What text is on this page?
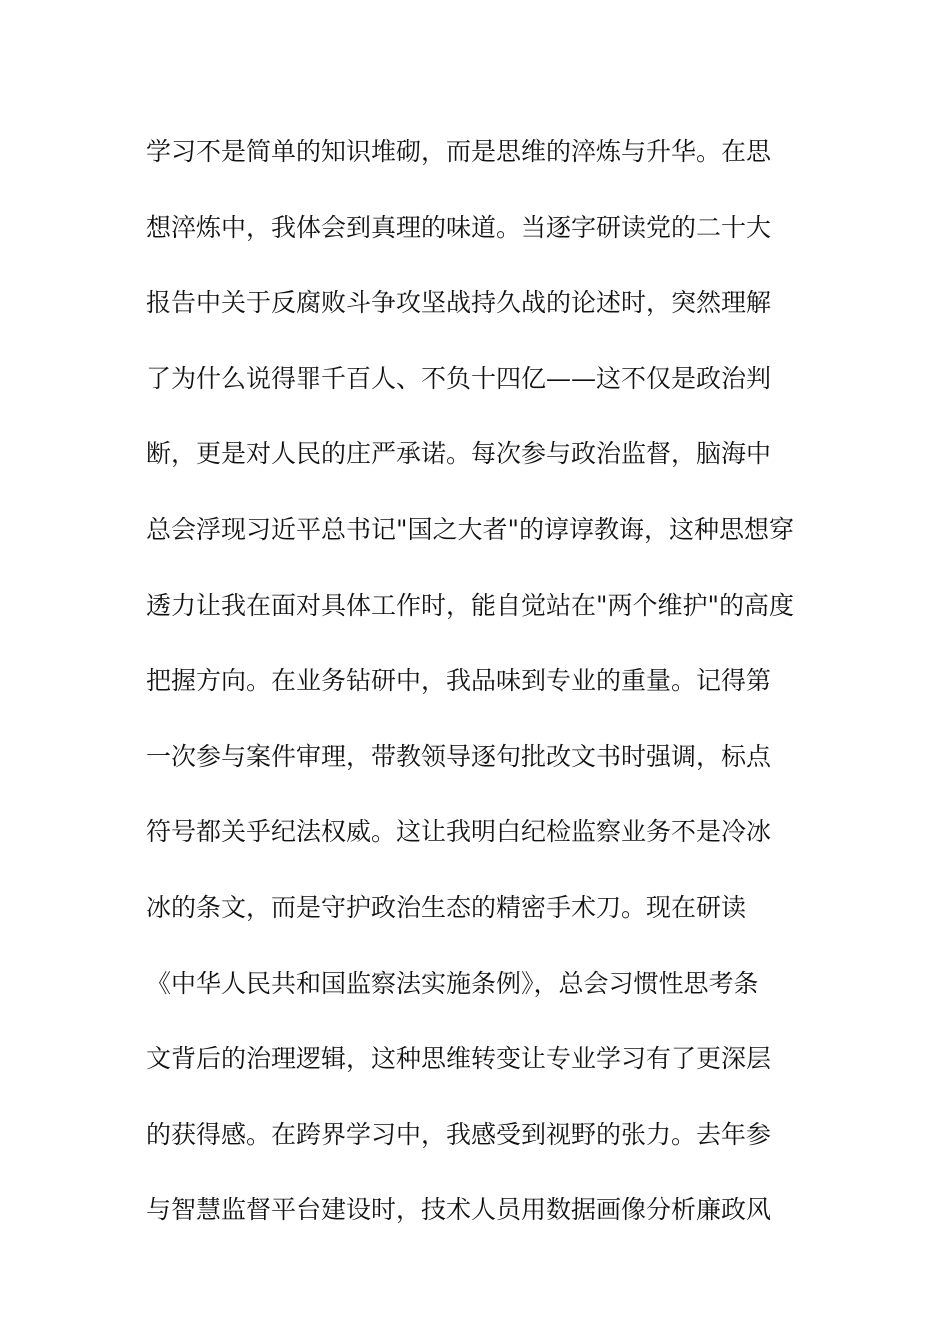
学习不是简单的知识堆砌，而是思维的淬炼与升华。在思
想淬炼中，我体会到真理的味道。当逐字研读党的二十大
报告中关于反腐败斗争攻坚战持久战的论述时，突然理解
了为什么说得罪千百人、不负十四亿——这不仅是政治判
断，更是对人民的庄严承诺。每次参与政治监督，脑海中
总会浮现习近平总书记"国之大者"的谆谆教诲，这种思想穿
透力让我在面对具体工作时，能自觉站在"两个维护"的高度
把握方向。在业务钻研中，我品味到专业的重量。记得第
一次参与案件审理，带教领导逐句批改文书时强调，标点
符号都关乎纪法权威。这让我明白纪检监察业务不是冷冰
冰的条文，而是守护政治生态的精密手术刀。现在研读
《中华人民共和国监察法实施条例》，总会习惯性思考条
文背后的治理逻辑，这种思维转变让专业学习有了更深层
的获得感。在跨界学习中，我感受到视野的张力。去年参
与智慧监督平台建设时，技术人员用数据画像分析廉政风
